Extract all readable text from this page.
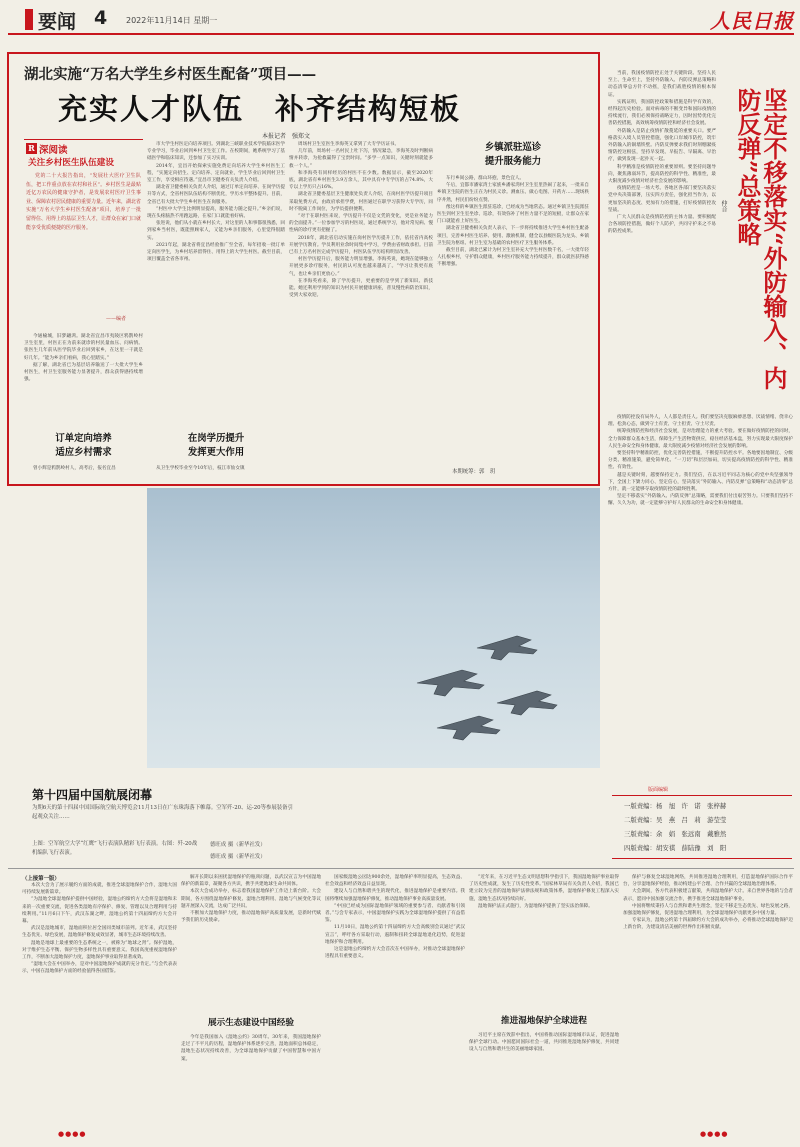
要闻 4 2022年11月14日 星期一	人民日报
湖北实施“万名大学生乡村医生配备”项目——
充实人才队伍　补齐结构短板
本报记者　强郑文
R 深阅读
关注乡村医生队伍建设
党的二十大报告指出，“发展壮大医疗卫生队伍，把工作重点放在农村和社区”。乡村医生是最贴近亿万农民的健康守护者，是发展农村医疗卫生事业、保障农村居民健康的重要力量。近年来，湖北省实施“万名大学生乡村医生配备”项目，培养了一批留得住、用得上的基层卫生人才，让群众在家门口就能享受优质便捷的医疗服务。
——编者

今通榆城，旧梦翩鸿。湖北省宜昌市夷陵区鸦鹊岭村卫生室里，村医正在为前来就诊的村民量血压、问病情。张医生几年前从医学院毕业后回到家乡，在这里一干就是好几年。“能为乡亲们看病，我心里踏实。”

据了解，湖北省已为基层培养输送了一大批大学生乡村医生，村卫生室服务能力显著提升，群众获得感持续增强。

订单定向培养
适应乡村需求

曾小辉是鸦鹊岭村人，高考后，报名宜昌

市大学生村医定向培养项目。到湖北三峡职业技术学院临床医学专业学习，毕业后回到乡村卫生室工作。在校期间，她系统学习了基础医学和临床知识，还参加了实习实训。

2014年，宜昌开始探索实施免费定向培养大学生乡村医生工程，“实施定向招生、定向培养、定向就业，学生毕业后回到村卫生室工作，享受相应待遇。”宜昌市卫健委有关负责人介绍。

湖北省卫健委相关负责人介绍，通过订单定向培养、在岗学历提升等方式，全省村医队伍结构不断优化，学历水平整体提升。目前，全省已有大批大学生乡村医生在岗服务。

“村医中大学生比例明显提高，服务能力随之提升。”乡亲们说，现在头疼脑热不用跑远路，在家门口就能看好病。

张进说，他们从小就在乡村长大，对这里的人和事都很熟悉，回到家乡当村医，既能照顾家人，又能为乡亲们服务，心里觉得很踏实。

2021年起，湖北省将宜昌经验推广至全省，每年招收一批订单定向医学生，为乡村培养留得住、用得上的大学生村医。截至目前，项目覆盖全省各市州。

在岗学历提升
发挥更大作用

从卫生学校毕业至今10年后，枝江市仙女镇

周场村卫生室医生李海英又拿到了大专学历证书。

几年前，周场村一名村民上吐下泻，情况紧急，李海英及时判断病情并转诊，为抢救赢得了宝贵时间。“多学一点知识，关键时刻就能多救一个人。”

和李海英有同样经历的村医不在少数。数据显示，截至2020年底，湖北省有乡村医生3.9万余人，其中具有中专学历的占74.8%，大专以上学历只占16%。

湖北省卫健委基层卫生健康处负责人介绍，在岗村医学历提升项目采取免费方式，由政府承担学费，村医通过在职学习获得大专学历，同时不脱离工作岗位，为学员提供便利。

“对于在职村医来说，学历提升不仅是文凭的变化，更是业务能力的全面提升。”一位参加学习的村医说，通过系统学习，他对常见病、慢性病的诊疗更有把握了。

2018年，湖北省启动实施在岗村医学历提升工作，依托省内高校开展学历教育。学员利用业余时间集中学习，学费由省财政承担。目前已有上万名村医完成学历提升，村医队伍学历结构明显改善。

村医学历提升后，服务能力明显增强。李海英说，她现在能够独立开展更多诊疗服务，村民的认可度也越来越高了。“学习让我更有底气，也让乡亲们更放心。”

在李海英看来，除了学历提升，更重要的是学到了新知识、新技能。她还利用学到的知识为村民开展健康讲座，普及慢性病防治知识，受到大家欢迎。

乡镇派驻巡诊
提升服务能力

车行乡间公路，群山环抱，景色宜人。

午后，宜都市潘家湾土家族乡潘家湾村卫生室里热闹了起来，一批来自乡镇卫生院的医生正在为村民义诊。测血压、做心电图、开药方……现场秩序井然，村民们纷纷点赞。

像这样的乡镇医生派驻巡诊，已经成为当地常态。通过乡镇卫生院派驻医生到村卫生室坐诊、巡诊，有效弥补了村医力量不足的短板，让群众在家门口就能看上好医生。

湖北省卫健委相关负责人表示，下一步将持续推进大学生乡村医生配备项目，完善乡村医生培养、使用、激励机制，健全以县级医院为龙头、乡镇卫生院为枢纽、村卫生室为基础的农村医疗卫生服务体系。

截至目前，湖北已累计为村卫生室补充大学生村医数千名，一大批年轻人扎根乡村，守护群众健康，乡村医疗服务能力持续提升，群众就医获得感不断增强。

本期统筹：郭　玥
第十四届中国航展闭幕
为期6天的第十四届中国国际航空航天博览会11月13日在广东珠海落下帷幕。空军歼-20、运-20等参展装备引起观众关注……
德旺成 摄（新华社发）
德旺成 摄（新华社发）
上图：空军航空大学“红鹰”飞行表演队精彩飞行表演。右图：歼-20战机编队飞行表演。

当前，我国疫情防控正处于关键阶段。坚持人民至上、生命至上，坚持外防输入、内防反弹总策略和动态清零总方针不动摇，是我们战胜疫情的根本保证。

实践证明，我国防控政策和措施是科学有效的，经得起历史检验。面对病毒的不断变异和国际疫情的持续流行，我们必须保持战略定力，因时因势优化完善防控措施，高效统筹疫情防控和经济社会发展。

外防输入是防止疫情扩散蔓延的重要关口。要严格落实入境人员管控措施，强化口岸城市防控，筑牢外防输入的铜墙铁壁。内防反弹要求我们时刻绷紧疫情防控这根弦，坚持早发现、早报告、早隔离、早治疗，做到发现一起扑灭一起。

科学精准是疫情防控的重要原则。要坚持问题导向，聚焦薄弱环节，提高防控的科学性、精准性，最大限度减少疫情对经济社会发展的影响。

疫情防控是一场大考。各地区各部门要坚决落实党中央决策部署，压实四方责任，强化担当作为，以更加坚决的态度、更加有力的措施，打好疫情防控攻坚战。

广大人民群众是疫情防控的主体力量。要积极配合各项防控措施，做好个人防护，共同守护来之不易的防控成果。

疫情防控没有局外人，人人都是责任人。我们要坚决克服麻痹思想、厌战情绪、侥幸心理、松劲心态，做到守土有责、守土担责、守土尽责。

统筹疫情防控和经济社会发展，是对治理能力的重大考验。要在做好疫情防控的同时，全力保障群众基本生活，保障生产生活物资供应，稳住经济基本盘，努力实现最大限度保护人民生命安全和身体健康、最大限度减少疫情对经济社会发展的影响。

要坚持科学精准防控，优化完善防控措施，不断提升防控水平。各地要因地制宜、分级分类、精准施策，避免简单化、“一刀切”和层层加码，切实提高疫情防控的科学性、精准性、有效性。

越是关键时刻，越要保持定力。我们坚信，在以习近平同志为核心的党中央坚强领导下，全国上下勠力同心、坚定信心，坚决落实“外防输入、内防反弹”总策略和“动态清零”总方针，就一定能够夺取疫情防控的最终胜利。

坚定不移落实“外防输入、内防反弹”总策略，需要我们付出艰苦努力。只要我们坚持不懈、久久为功，就一定能够守护好人民群众的生命安全和身体健康。

坚定不移落实“外防输入、内防反弹”总策略
仲音
版面编辑
一版责编：杨　旭　许　诺　张梓赫
二版责编：吴　燕　吕　莉　游莹莹
三版责编：余　娟　张远南　戴雅然
四版责编：胡安祺　薛陆豫　刘　阳
（上接第一版）

本次大会为了展示履约方面的成就，推进全球湿地保护合作，湿地大国可持续发展新篇章。

“为湿地全球湿地保护提供中国经验，湿地公约缔约方大会将是湿地和未来的一次重要交流，促进各类湿地有序保护、修复、管理以及合理利用与持续利用。”11月6日下午，武汉东湖之畔，湿地公约第十四届缔约方大会开幕。

武汉是湿地城市，湿地面积位居全国同类城市前列。近年来，武汉坚持生态优先、绿色发展，湿地保护修复成效显著，城市生态环境持续改善。

湿地是地球上最重要的生态系统之一，被称为“地球之肾”。保护湿地，对于维护生态平衡、保护生物多样性具有重要意义。我国高度重视湿地保护工作，不断加大湿地保护力度，湿地保护事业取得显著成效。

“湿地大会在中国举办，是对中国湿地保护成就的充分肯定。”与会代表表示，中国在湿地保护方面的经验值得各国借鉴。

解开长期以来困扰湿地保护的瓶颈问题，以武汉宣言为中国湿地保护的新篇章，凝聚各方共识，携手共建地球生命共同体。

本次大会成功举办，标志着我国湿地保护工作迈上新台阶。大会期间，各方围绕湿地保护修复、湿地合理利用、湿地与气候变化等议题开展深入交流，达成广泛共识。

不断加大湿地保护力度，推动湿地保护高质量发展，是新时代赋予我们的历史使命。

展示生态建设中国经验

今年是我国加入《湿地公约》30周年。30年来，我国湿地保护走过了不平凡的历程，湿地保护体系逐步完善，湿地面积总体稳定，湿地生态状况持续改善，为全球湿地保护贡献了中国智慧和中国方案。

国家级湿地公园达900余处，湿地保护率明显提高，生态效益、社会效益和经济效益日益显现。

建设人与自然和谐共生的现代化，推进湿地保护是重要内容。我国将继续加强湿地保护修复，推动湿地保护事业高质量发展。

“中国已经成为国际湿地保护领域的重要参与者、贡献者和引领者。”与会专家表示，中国湿地保护实践为全球湿地保护提供了有益借鉴。

11月10日，湿地公约第十四届缔约方大会高级别会议通过“武汉宣言”，呼吁各方采取行动，遏制和扭转全球湿地退化趋势，促进湿地保护和合理利用。

这是湿地公约缔约方大会首次在中国举办，对推动全球湿地保护进程具有重要意义。

“近年来，在习近平生态文明思想科学指引下，我国湿地保护事业取得了历史性成就，发生了历史性变革。”国家林草局有关负责人介绍，我国已建立较为完善的湿地保护法律法规和政策体系，湿地保护修复工程深入实施，湿地生态状况持续向好。

湿地保护法正式施行，为湿地保护提供了坚实法治保障。

推进湿地保护全球进程

习近平主席在致辞中指出，中国将推动国际湿地城市认证，促进湿地保护全球行动。中国愿同国际社会一道，共同推进湿地保护修复，共同建设人与自然和谐共生的美丽地球家园。

保护与修复全球湿地网络，共同推进湿地合理利用，打造湿地保护国际合作平台，分享湿地保护经验，推动构建公平合理、合作共赢的全球湿地治理体系。

大会期间，各方代表积极建言献策，共商湿地保护大计。来自世界各地的与会者表示，愿同中国加强交流合作，携手推进全球湿地保护事业。

中国将继续秉持人与自然和谐共生理念，坚定不移走生态优先、绿色发展之路，加强湿地保护修复，促进湿地合理利用，为全球湿地保护贡献更多中国力量。

专家认为，湿地公约第十四届缔约方大会的成功举办，必将推动全球湿地保护迈上新台阶，为建设清洁美丽的世界作出积极贡献。

●●●●	●●●●
